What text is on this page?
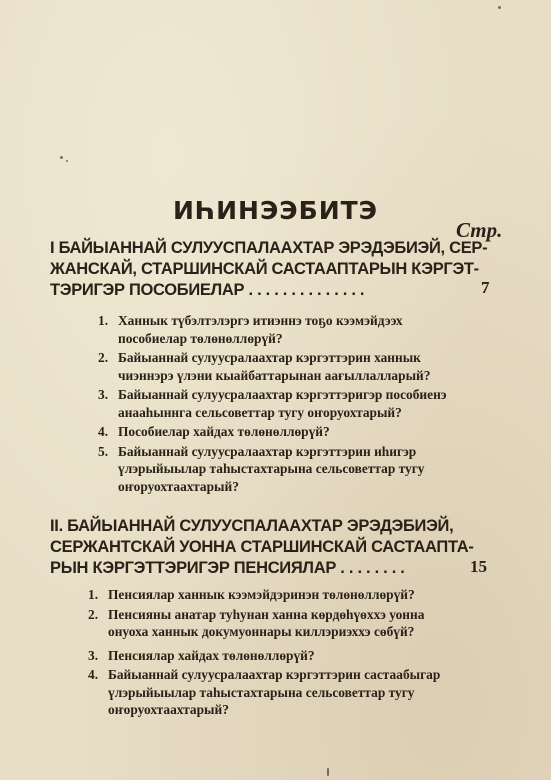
ИҺИНЭЭБИТЭ
Стр.
I БАЙЫАННАЙ СУЛУУСПАЛААХТАР ЭРЭДЭБИЭЙ, СЕР-
ЖАНСКАЙ, СТАРШИНСКАЙ САСТААПТАРЫН КЭРГЭТ-
ТЭРИГЭР ПОСОБИЕЛАР . . . . . . . . . . . . . .	7
1. Ханнык түбэлтэлэргэ итиэннэ тоҕо кээмэйдээх пособиелар төлөнөллөрүй?
2. Байыаннай сулуусpалаахтар кэргэттэрин ханнык чиэннэрэ үлэни кыайбаттарынан аағыллалларый?
3. Байыаннай сулуусpалаахтар кэргэттэригэр пособиенэ анааһыннга сельсоветтар тугу оҥоруохтарый?
4. Пособиелар хайдах төлөнөллөрүй?
5. Байыаннай сулуусpалаахтар кэргэттэрин иһигэр үлэрыйыылар таһыстахтарына сельсоветтар тугу оҥоруохтаахтарый?
II. БАЙЫАННАЙ СУЛУУСПАЛААХТАР ЭРЭДЭБИЭЙ,
СЕРЖАНТСКАЙ УОННА СТАРШИНСКАЙ САСТААПТА-
РЫН КЭРГЭТТЭРИГЭР ПЕНСИЯЛАР . . . . . . . .	15
1. Пенсиялар ханнык кээмэйдэринэн төлөнөллөрүй?
2. Пенсияны анатар туһунан ханна көрдөһүөххэ уонна онуоха ханнык докумуоннары киллэриэххэ сөбүй?
3. Пенсиялар хайдах төлөнөллөрүй?
4. Байыаннай сулуусpалаахтар кэргэттэрин састаабыгар үлэрыйыылар таһыстахтарына сельсоветтар тугу оҥоруохтаахтарый?
